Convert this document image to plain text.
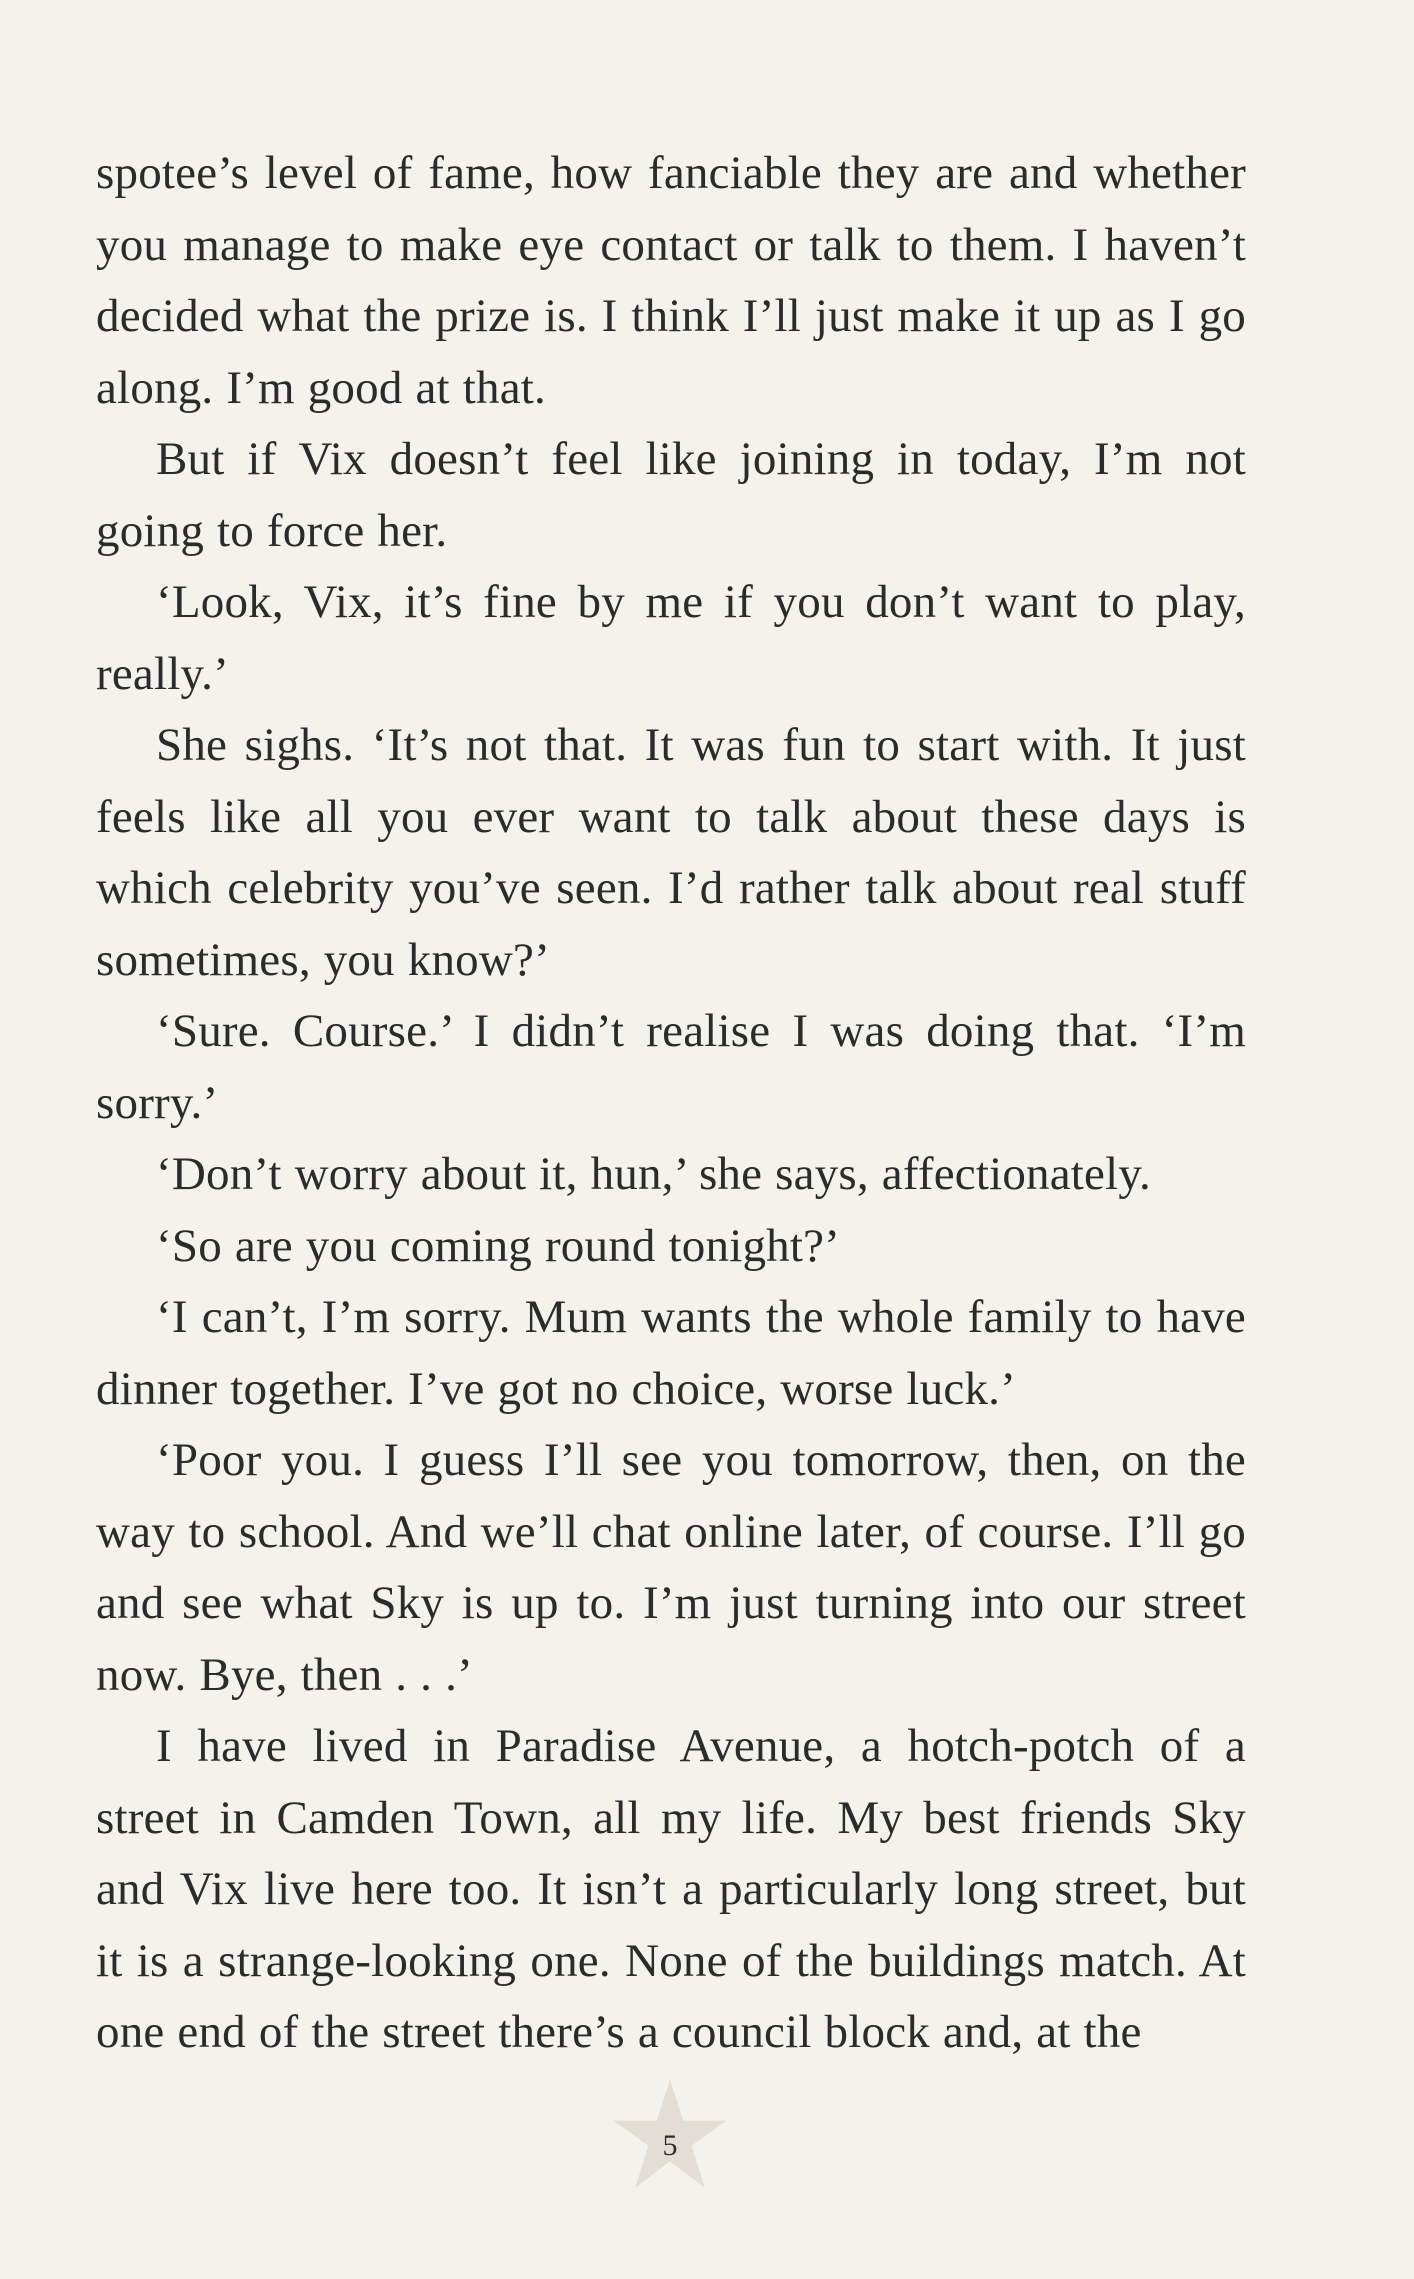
spotee’s level of fame, how fanciable they are and whether you manage to make eye contact or talk to them. I haven’t decided what the prize is. I think I’ll just make it up as I go along. I’m good at that.

But if Vix doesn’t feel like joining in today, I’m not going to force her.

‘Look, Vix, it’s fine by me if you don’t want to play, really.’

She sighs. ‘It’s not that. It was fun to start with. It just feels like all you ever want to talk about these days is which celebrity you’ve seen. I’d rather talk about real stuff sometimes, you know?’

‘Sure. Course.’ I didn’t realise I was doing that. ‘I’m sorry.’

‘Don’t worry about it, hun,’ she says, affectionately.

‘So are you coming round tonight?’

‘I can’t, I’m sorry. Mum wants the whole family to have dinner together. I’ve got no choice, worse luck.’

‘Poor you. I guess I’ll see you tomorrow, then, on the way to school. And we’ll chat online later, of course. I’ll go and see what Sky is up to. I’m just turning into our street now. Bye, then . . .’

I have lived in Paradise Avenue, a hotch-potch of a street in Camden Town, all my life. My best friends Sky and Vix live here too. It isn’t a particularly long street, but it is a strange-looking one. None of the buildings match. At one end of the street there’s a council block and, at the

5
